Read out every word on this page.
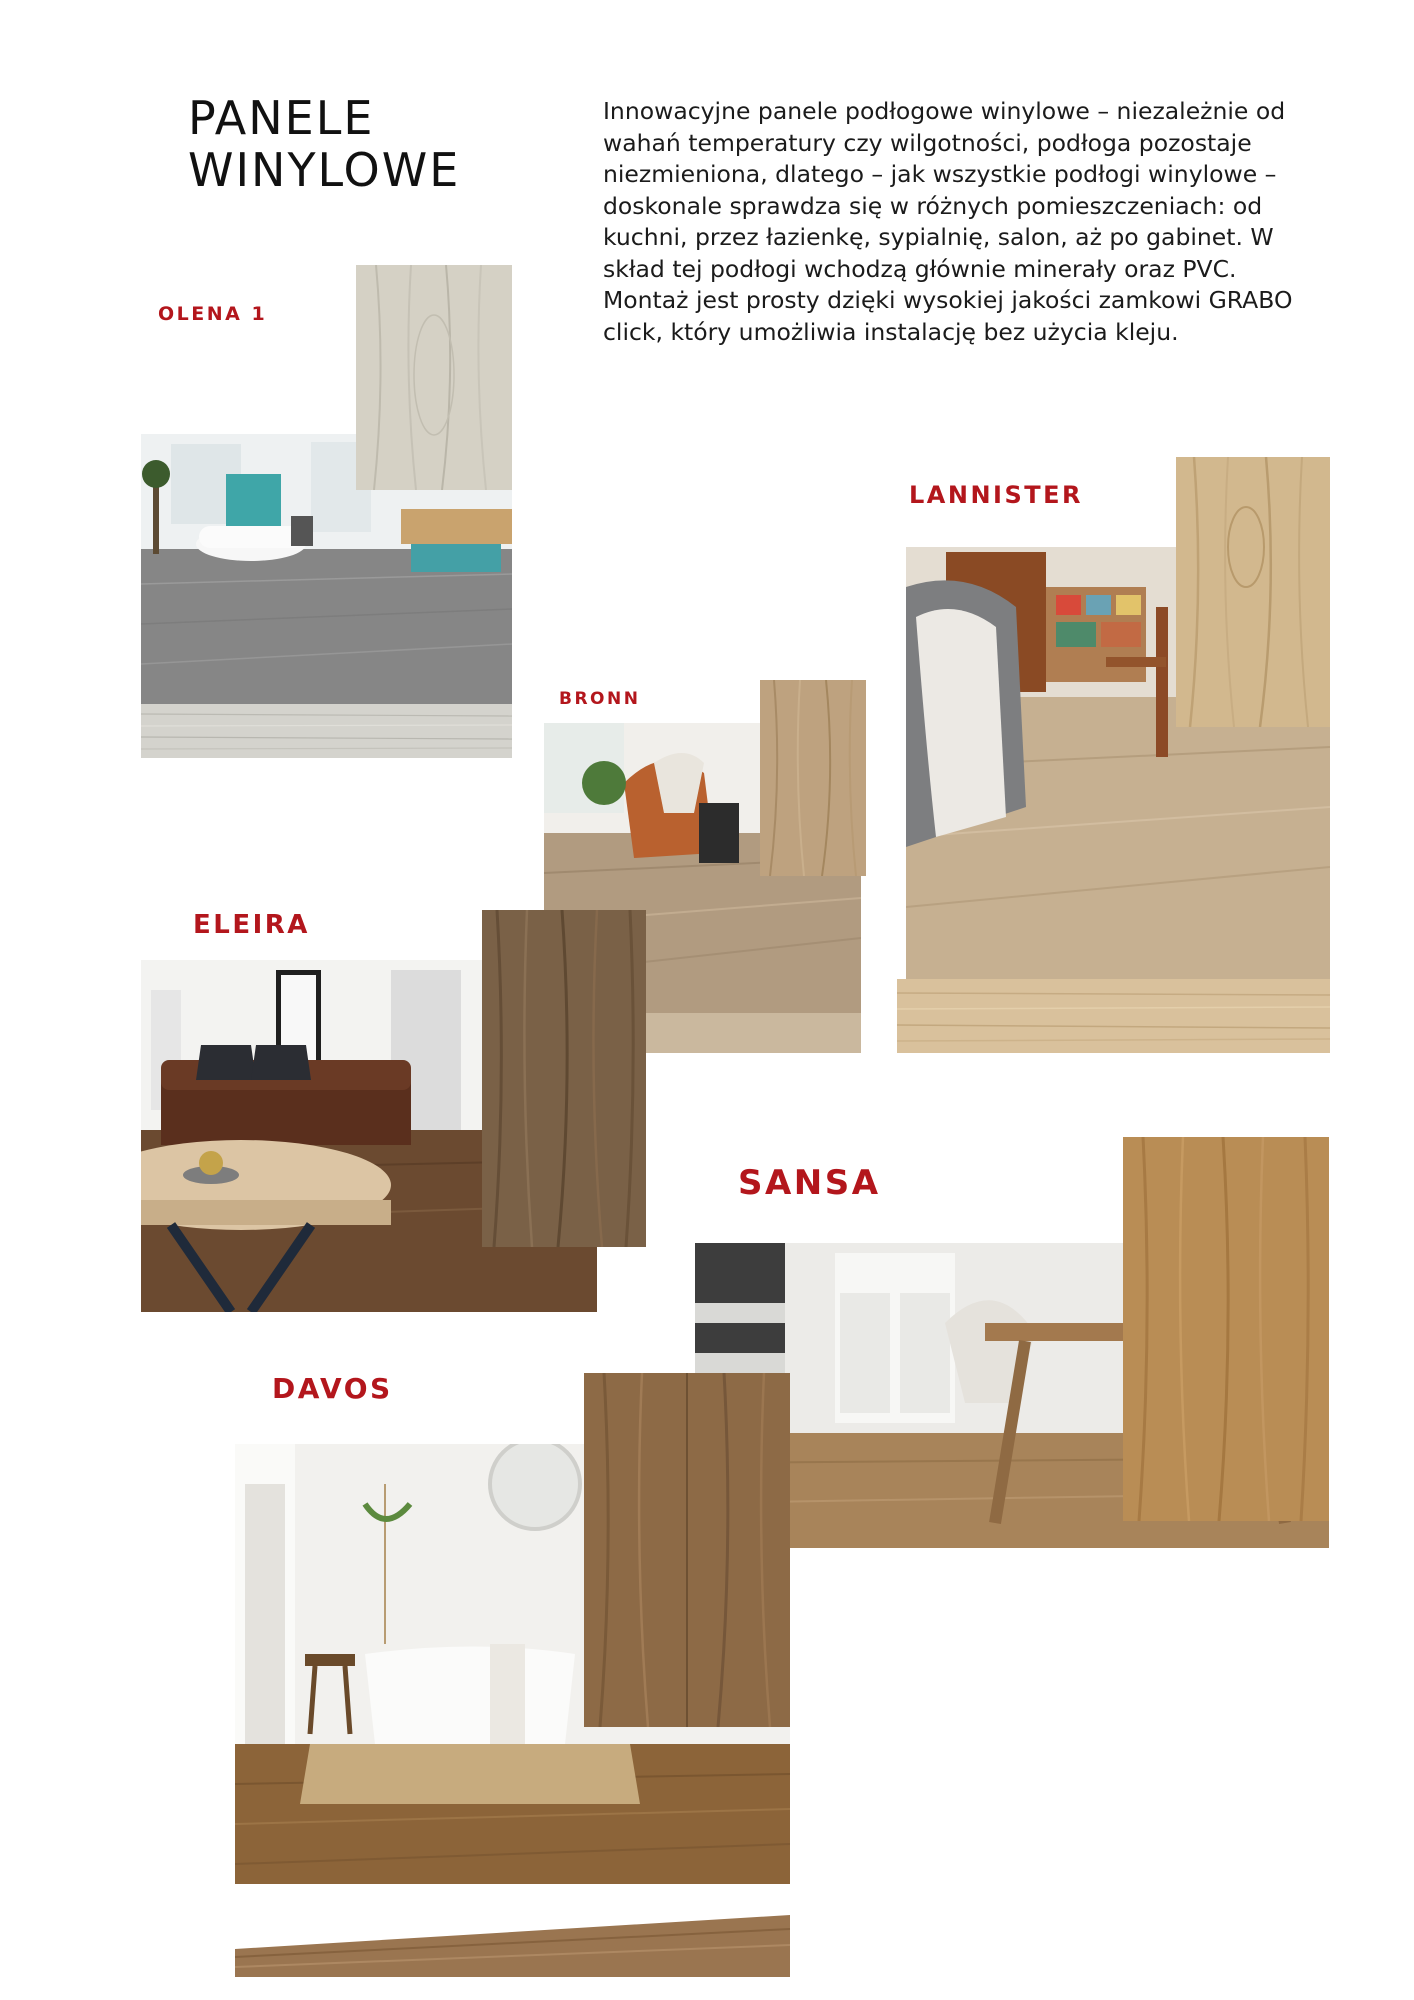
PANELE
WINYLOWE

Innowacyjne panele podłogowe winylowe – niezależnie od wahań temperatury czy wilgotności, podłoga pozostaje niezmieniona, dlatego – jak wszystkie podłogi winylowe – doskonale sprawdza się w różnych pomieszczeniach: od kuchni, przez łazienkę, sypialnię, salon, aż po gabinet. W skład tej podłogi wchodzą głównie minerały oraz PVC. Montaż jest prosty dzięki wysokiej jakości zamkowi GRABO click, który umożliwia instalację bez użycia kleju.

OLENA 1
LANNISTER
BRONN
ELEIRA
SANSA
DAVOS
